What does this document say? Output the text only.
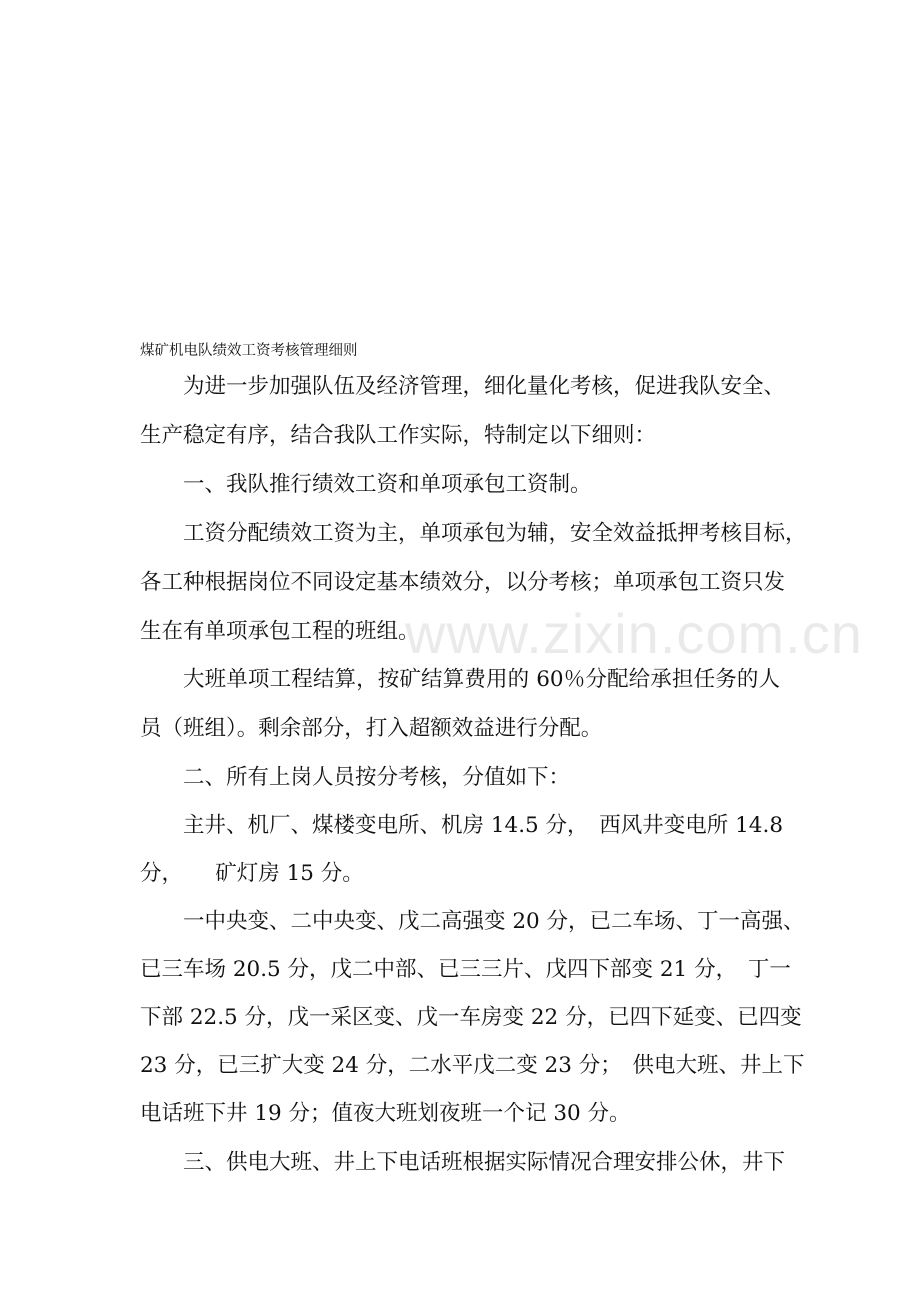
煤矿机电队绩效工资考核管理细则
为进一步加强队伍及经济管理，细化量化考核，促进我队安全、
生产稳定有序，结合我队工作实际，特制定以下细则：
一、我队推行绩效工资和单项承包工资制。
工资分配绩效工资为主，单项承包为辅，安全效益抵押考核目标，
各工种根据岗位不同设定基本绩效分，以分考核；单项承包工资只发
生在有单项承包工程的班组。
大班单项工程结算，按矿结算费用的 60％分配给承担任务的人
员（班组）。剩余部分，打入超额效益进行分配。
二、所有上岗人员按分考核，分值如下：
主井、机厂、煤楼变电所、机房 14.5 分，　西风井变电所 14.8
分，　　矿灯房 15 分。
一中央变、二中央变、戊二高强变 20 分，已二车场、丁一高强、
已三车场 20.5 分，戊二中部、已三三片、戊四下部变 21 分，　丁一
下部 22.5 分，戊一采区变、戊一车房变 22 分，已四下延变、已四变
23 分，已三扩大变 24 分，二水平戊二变 23 分；　供电大班、井上下
电话班下井 19 分；值夜大班划夜班一个记 30 分。
三、供电大班、井上下电话班根据实际情况合理安排公休，井下
www.zixin.com.cn
